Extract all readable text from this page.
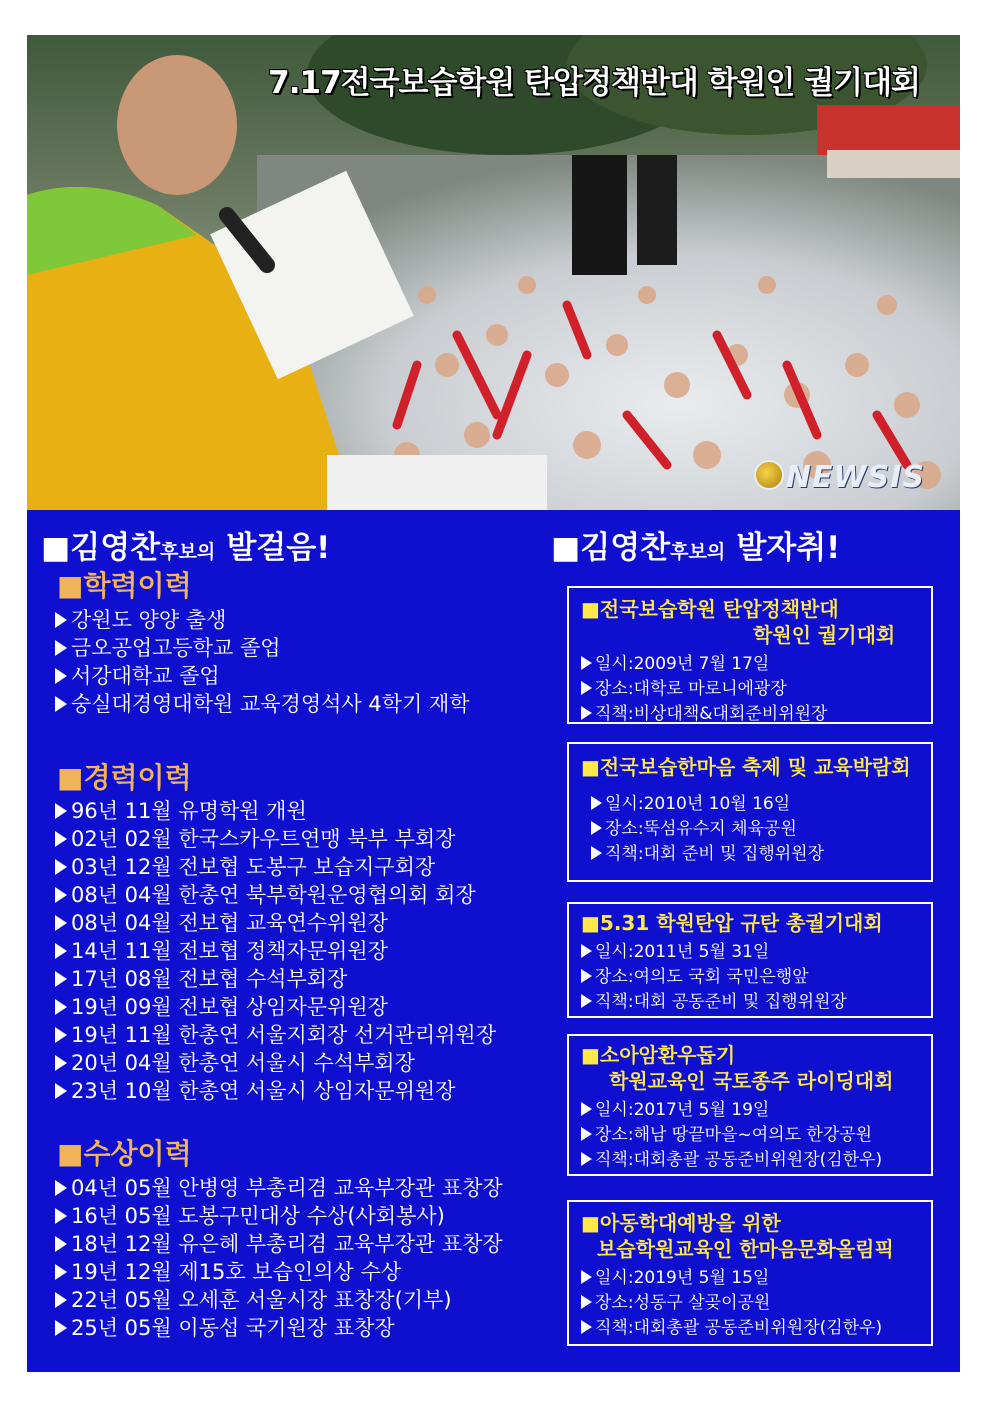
7.17전국보습학원 탄압정책반대 학원인 궐기대회
NEWSIS
■김영찬후보의 발걸음!	■김영찬후보의 발자취!
■학력이력
강원도 양양 출생
금오공업고등학교 졸업
서강대학교 졸업
숭실대경영대학원 교육경영석사 4학기 재학
■경력이력
96년 11월 유명학원 개원
02년 02월 한국스카우트연맹 북부 부회장
03년 12월 전보협 도봉구 보습지구회장
08년 04월 한총연 북부학원운영협의회 회장
08년 04월 전보협 교육연수위원장
14년 11월 전보협 정책자문위원장
17년 08월 전보협 수석부회장
19년 09월 전보협 상임자문위원장
19년 11월 한총연 서울지회장 선거관리위원장
20년 04월 한총연 서울시 수석부회장
23년 10월 한총연 서울시 상임자문위원장
■수상이력
04년 05월 안병영 부총리겸 교육부장관 표창장
16년 05월 도봉구민대상 수상(사회봉사)
18년 12월 유은혜 부총리겸 교육부장관 표창장
19년 12월 제15호 보습인의상 수상
22년 05월 오세훈 서울시장 표창장(기부)
25년 05월 이동섭 국기원장 표창장
■전국보습학원 탄압정책반대
학원인 궐기대회
일시:2009년 7월 17일
장소:대학로 마로니에광장
직책:비상대책&대회준비위원장
■전국보습한마음 축제 및 교육박람회
일시:2010년 10월 16일
장소:뚝섬유수지 체육공원
직책:대회 준비 및 집행위원장
■5.31 학원탄압 규탄 총궐기대회
일시:2011년 5월 31일
장소:여의도 국회 국민은행앞
직책:대회 공동준비 및 집행위원장
■소아암환우돕기
학원교육인 국토종주 라이딩대회
일시:2017년 5월 19일
장소:해남 땅끝마을~여의도 한강공원
직책:대회총괄 공동준비위원장(김한우)
■아동학대예방을 위한
보습학원교육인 한마음문화올림픽
일시:2019년 5월 15일
장소:성동구 살곶이공원
직책:대회총괄 공동준비위원장(김한우)
